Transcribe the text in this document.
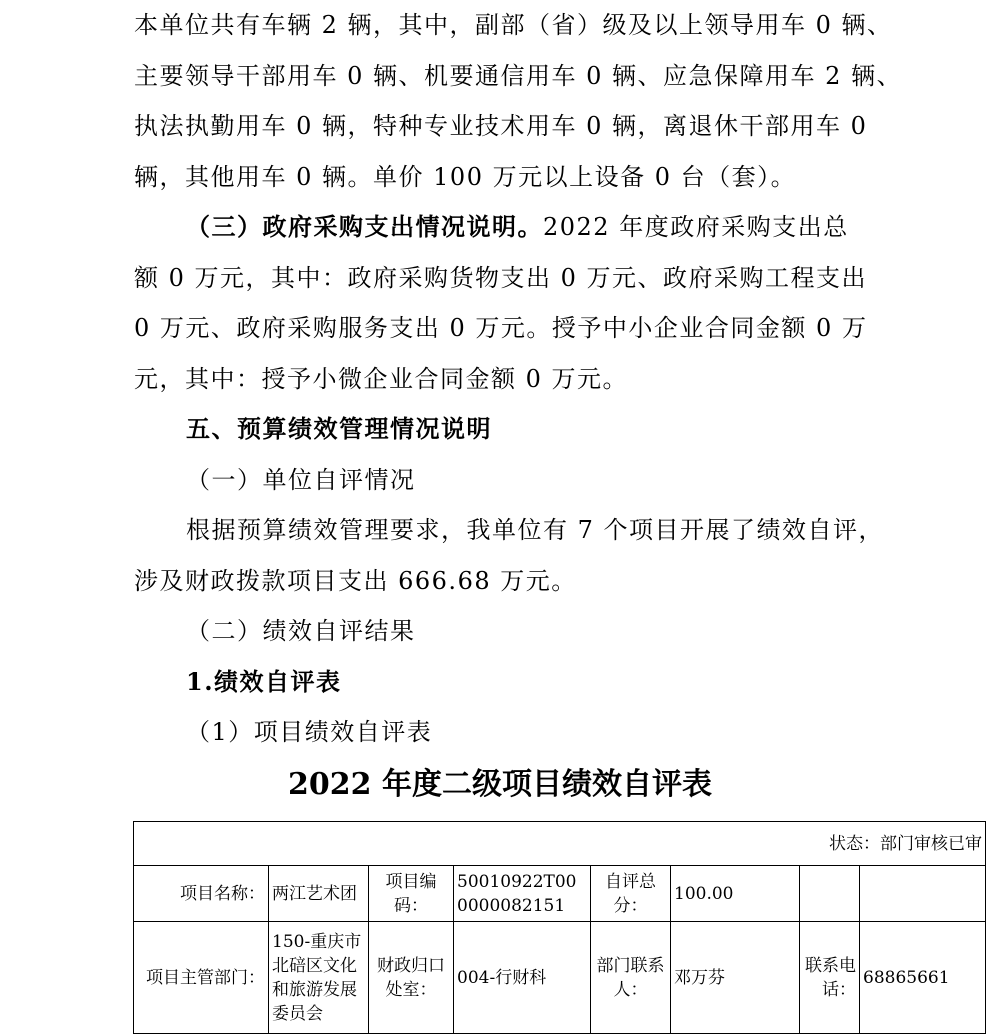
本单位共有车辆 2 辆，其中，副部（省）级及以上领导用车 0 辆、
主要领导干部用车 0 辆、机要通信用车 0 辆、应急保障用车 2 辆、
执法执勤用车 0 辆，特种专业技术用车 0 辆，离退休干部用车 0
辆，其他用车 0 辆。单价 100 万元以上设备 0 台（套）。
（三）政府采购支出情况说明。2022 年度政府采购支出总
额 0 万元，其中：政府采购货物支出 0 万元、政府采购工程支出
0 万元、政府采购服务支出 0 万元。授予中小企业合同金额 0 万
元，其中：授予小微企业合同金额 0 万元。
五、预算绩效管理情况说明
（一）单位自评情况
根据预算绩效管理要求，我单位有 7 个项目开展了绩效自评，
涉及财政拨款项目支出 666.68 万元。
（二）绩效自评结果
1.绩效自评表
（1）项目绩效自评表
2022 年度二级项目绩效自评表
状态：部门审核已审							
项目名称：	两江艺术团	项目编码：	50010922T000000082151	自评总分：	100.00		
项目主管部门：	150-重庆市北碚区文化和旅游发展委员会	财政归口处室：	004-行财科	部门联系人：	邓万芬	联系电话：	68865661
